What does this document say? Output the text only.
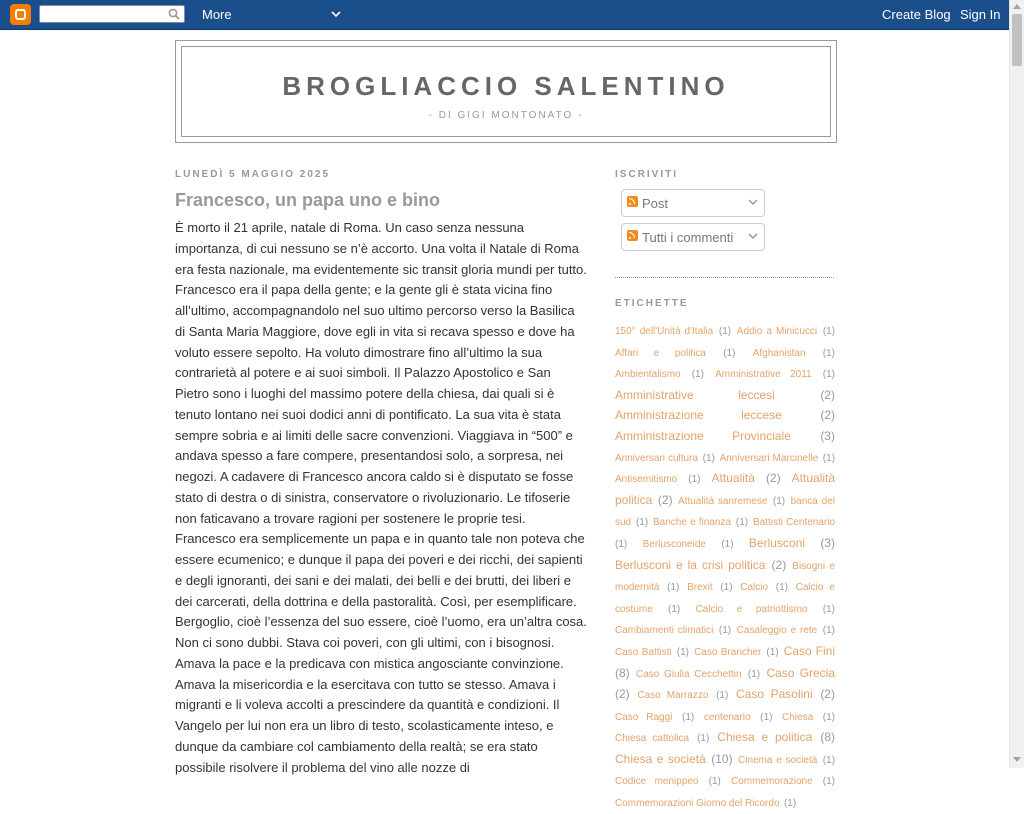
More	Create Blog Sign In
BROGLIACCIO SALENTINO
- DI GIGI MONTONATO -
LUNEDÌ 5 MAGGIO 2025
Francesco, un papa uno e bino

È morto il 21 aprile, natale di Roma. Un caso senza nessuna importanza, di cui nessuno se n’è accorto. Una volta il Natale di Roma era festa nazionale, ma evidentemente sic transit gloria mundi per tutto. Francesco era il papa della gente; e la gente gli è stata vicina fino all’ultimo, accompagnandolo nel suo ultimo percorso verso la Basilica di Santa Maria Maggiore, dove egli in vita si recava spesso e dove ha voluto essere sepolto. Ha voluto dimostrare fino all’ultimo la sua contrarietà al potere e ai suoi simboli. Il Palazzo Apostolico e San Pietro sono i luoghi del massimo potere della chiesa, dai quali si è tenuto lontano nei suoi dodici anni di pontificato. La sua vita è stata sempre sobria e ai limiti delle sacre convenzioni. Viaggiava in “500” e andava spesso a fare compere, presentandosi solo, a sorpresa, nei negozi. A cadavere di Francesco ancora caldo si è disputato se fosse stato di destra o di sinistra, conservatore o rivoluzionario. Le tifoserie non faticavano a trovare ragioni per sostenere le proprie tesi.

Francesco era semplicemente un papa e in quanto tale non poteva che essere ecumenico; e dunque il papa dei poveri e dei ricchi, dei sapienti e degli ignoranti, dei sani e dei malati, dei belli e dei brutti, dei liberi e dei carcerati, della dottrina e della pastoralità. Così, per esemplificare. Bergoglio, cioè l’essenza del suo essere, cioè l’uomo, era un’altra cosa. Non ci sono dubbi. Stava coi poveri, con gli ultimi, con i bisognosi. Amava la pace e la predicava con mistica angosciante convinzione. Amava la misericordia e la esercitava con tutto se stesso. Amava i migranti e li voleva accolti a prescindere da quantità e condizioni. Il Vangelo per lui non era un libro di testo, scolasticamente inteso, e dunque da cambiare col cambiamento della realtà; se era stato possibile risolvere il problema del vino alle nozze di

ISCRIVITI
Post
Tutti i commenti
ETICHETTE
150° dell'Unità d'Italia (1) Addio a Minicucci (1) Affari e politica (1) Afghanistan (1) Ambientalismo (1) Amministrative 2011 (1) Amministrative leccesi	(2) Amministrazione leccese	(2) Amministrazione Provinciale (3) Anniversari cultura (1) Anniversari Marcinelle (1) Antisemitismo (1) Attualità (2) Attualità politica (2) Attualità sanremese (1) banca del sud (1) Banche e finanza (1) Battisti Centenario (1) Berlusconeide (1) Berlusconi (3) Berlusconi e la crisi politica (2) Bisogni e modernità (1) Brexit (1) Calcio (1) Calcio e costume (1) Calcio e patriottismo (1) Cambiamenti climatici (1) Casaleggio e rete (1) Caso Battisti (1) Caso Brancher (1) Caso Fini (8) Caso Giulia Cecchettin (1) Caso Grecia (2) Caso Marrazzo (1) Caso Pasolini (2) Caso Raggi (1) centenario (1) Chiesa (1) Chiesa cattolica (1) Chiesa e politica (8) Chiesa e società (10) Cinema e società (1) Codice menippeo (1) Commemorazione (1) Commemorazioni Giorno del Ricordo (1)
